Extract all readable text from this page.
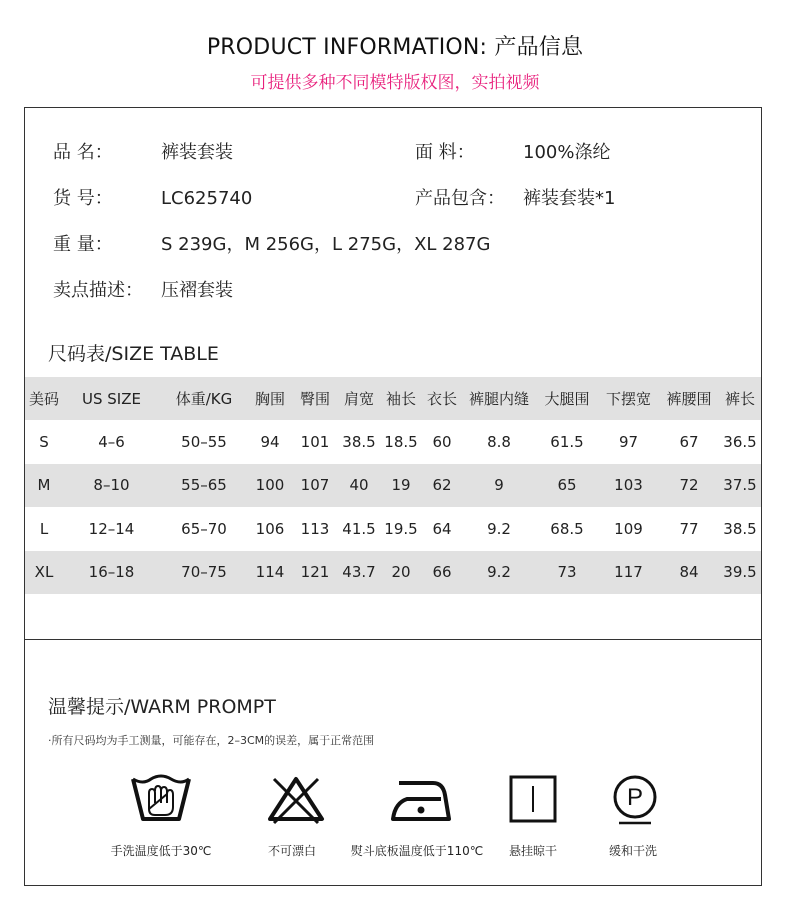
PRODUCT INFORMATION: 产品信息
可提供多种不同模特版权图，实拍视频
品 名：	裤装套装	面 料：	100%涤纶
货 号：	LC625740	产品包含： 裤装套装*1
重 量：	S 239G，M 256G，L 275G，XL 287G
卖点描述： 压褶套装
尺码表/SIZE TABLE
美码	US SIZE	体重/KG	胸围	臀围	肩宽	袖长	衣长	裤腿内缝	大腿围	下摆宽	裤腰围	裤长
S	4–6	50–55	94	101	38.5	18.5	60	8.8	61.5	97	67	36.5
M	8–10	55–65	100	107	40	19	62	9	65	103	72	37.5
L	12–14	65–70	106	113	41.5	19.5	64	9.2	68.5	109	77	38.5
XL	16–18	70–75	114	121	43.7	20	66	9.2	73	117	84	39.5
温馨提示/WARM PROMPT
·所有尺码均为手工测量，可能存在，2–3CM的误差，属于正常范围
P
手洗温度低于30℃	不可漂白	熨斗底板温度低于110℃ 悬挂晾干	缓和干洗
